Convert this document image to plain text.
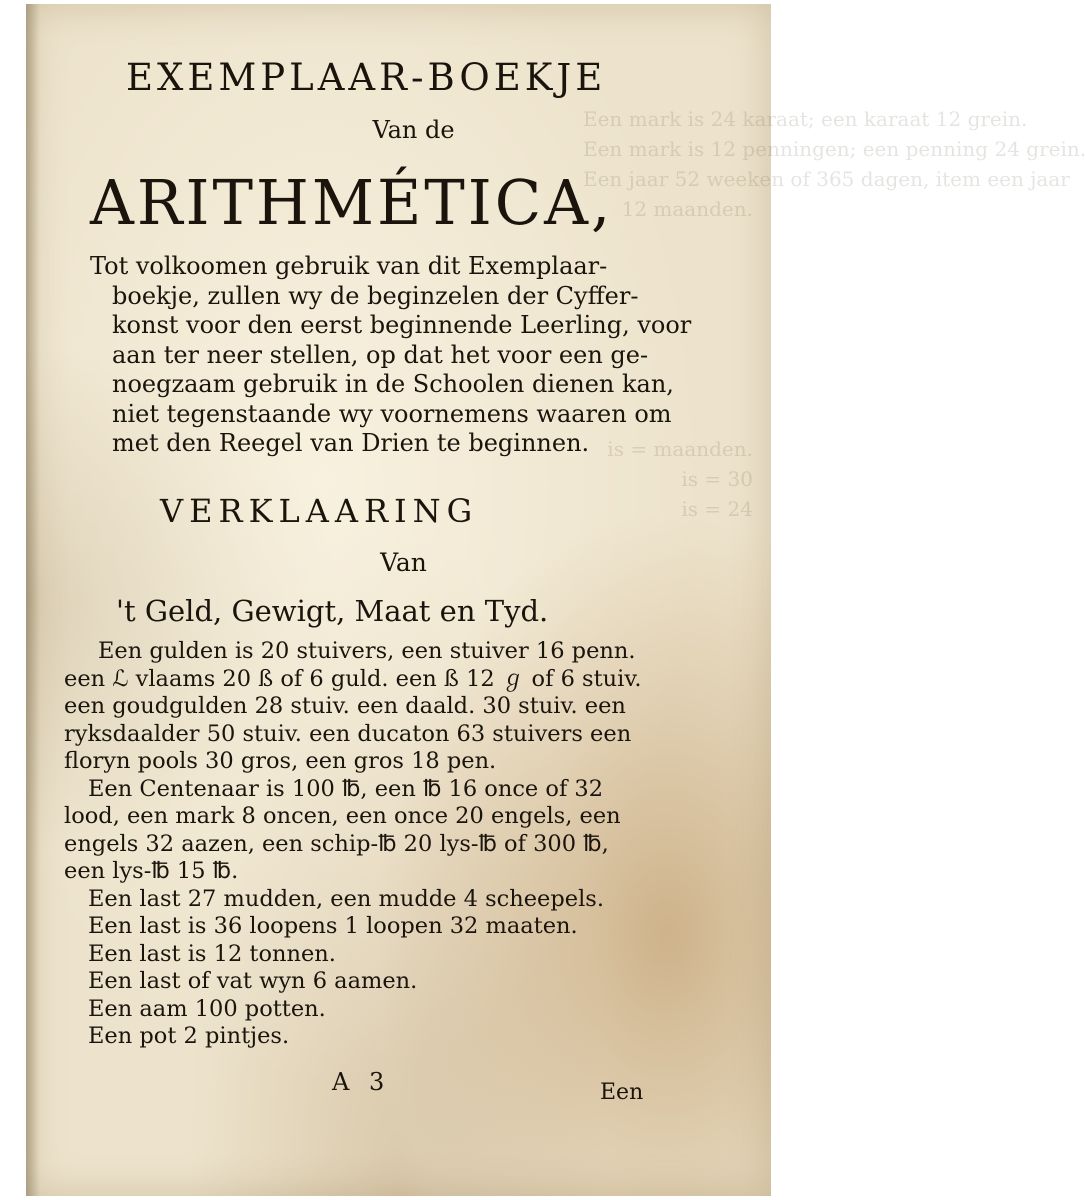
Een mark is 24 karaat; een karaat 12 grein.
Een mark is 12 penningen; een penning 24 grein.
Een jaar 52 weeken of 365 dagen, item een jaar
12 maanden.
is = maanden.
is = 30
is = 24
EXEMPLAAR-BOEKJE
Van de
ARITHMÉTICA,
Tot volkoomen gebruik van dit Exemplaar-
boekje, zullen wy de beginzelen der Cyffer-
konst voor den eerst beginnende Leerling, voor
aan ter neer stellen, op dat het voor een ge-
noegzaam gebruik in de Schoolen dienen kan,
niet tegenstaande wy voornemens waaren om
met den Reegel van Drien te beginnen.
VERKLAARING
Van
't Geld, Gewigt, Maat en Tyd.
Een gulden is 20 stuivers, een stuiver 16 penn.
een ℒ vlaams 20 ß of 6 guld. een ß 12 ℊ of 6 stuiv.
een goudgulden 28 stuiv. een daald. 30 stuiv. een
ryksdaalder 50 stuiv. een ducaton 63 stuivers een
floryn pools 30 gros, een gros 18 pen.
Een Centenaar is 100 ℔, een ℔ 16 once of 32
lood, een mark 8 oncen, een once 20 engels, een
engels 32 aazen, een schip-℔ 20 lys-℔ of 300 ℔,
een lys-℔ 15 ℔.
Een last 27 mudden, een mudde 4 scheepels.
Een last is 36 loopens 1 loopen 32 maaten.
Een last is 12 tonnen.
Een last of vat wyn 6 aamen.
Een aam 100 potten.
Een pot 2 pintjes.
A 3	Een
